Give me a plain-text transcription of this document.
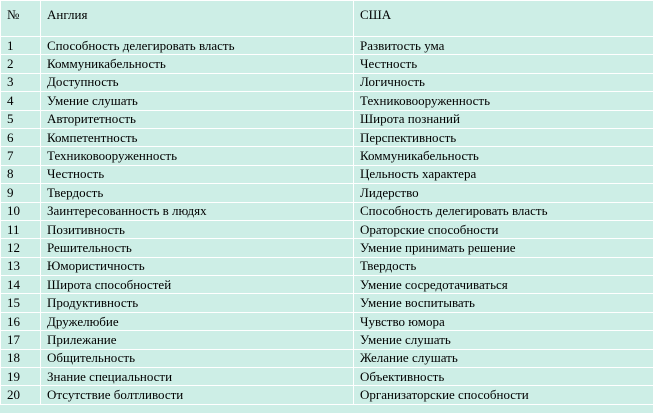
№	Англия	США
1	Способность делегировать власть	Развитость ума
2	Коммуникабельность	Честность
3	Доступность	Логичность
4	Умение слушать	Техниковооруженность
5	Авторитетность	Широта познаний
6	Компетентность	Перспективность
7	Техниковооруженность	Коммуникабельность
8	Честность	Цельность характера
9	Твердость	Лидерство
10	Заинтересованность в людях	Способность делегировать власть
11	Позитивность	Ораторские способности
12	Решительность	Умение принимать решение
13	Юмористичность	Твердость
14	Широта способностей	Умение сосредотачиваться
15	Продуктивность	Умение воспитывать
16	Дружелюбие	Чувство юмора
17	Прилежание	Умение слушать
18	Общительность	Желание слушать
19	Знание специальности	Объективность
20	Отсутствие болтливости	Организаторские способности
